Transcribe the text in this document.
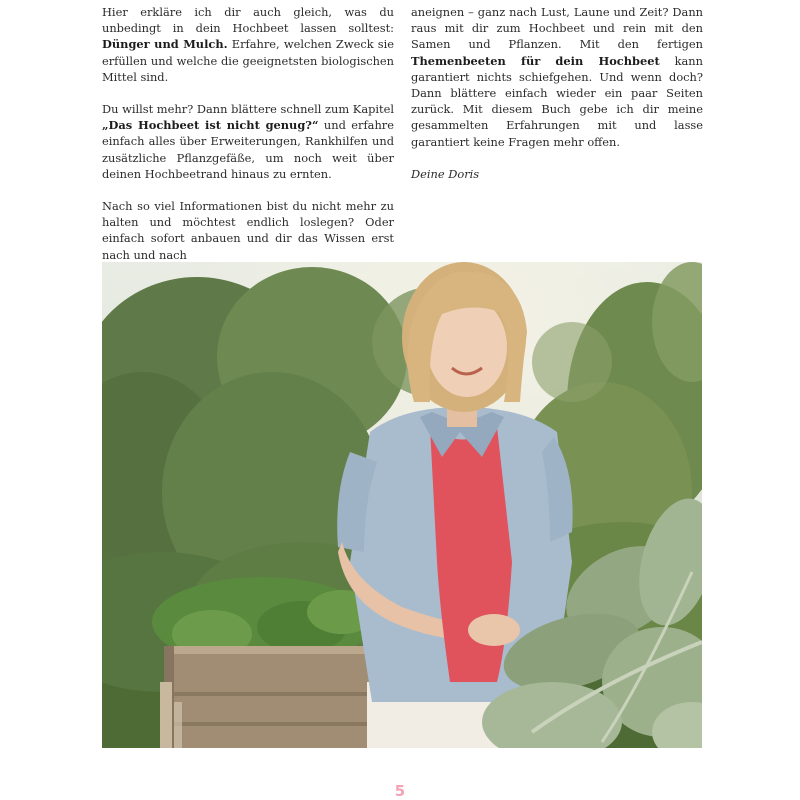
Hier erkläre ich dir auch gleich, was du unbedingt in dein Hochbeet lassen solltest: Dünger und Mulch. Erfahre, welchen Zweck sie erfüllen und welche die geeignetsten biologischen Mittel sind.

Du willst mehr? Dann blättere schnell zum Kapitel „Das Hochbeet ist nicht genug?“ und erfahre einfach alles über Erweiterungen, Rankhilfen und zusätzliche Pflanzgefäße, um noch weit über deinen Hochbeetrand hinaus zu ernten.

Nach so viel Informationen bist du nicht mehr zu halten und möchtest endlich loslegen? Oder einfach sofort anbauen und dir das Wissen erst nach und nach

aneignen – ganz nach Lust, Laune und Zeit? Dann raus mit dir zum Hochbeet und rein mit den Samen und Pflanzen. Mit den fertigen Themenbeeten für dein Hochbeet kann garantiert nichts schiefgehen. Und wenn doch? Dann blättere einfach wieder ein paar Seiten zurück. Mit diesem Buch gebe ich dir meine gesammelten Erfahrungen mit und lasse garantiert keine Fragen mehr offen.

Deine Doris

5
